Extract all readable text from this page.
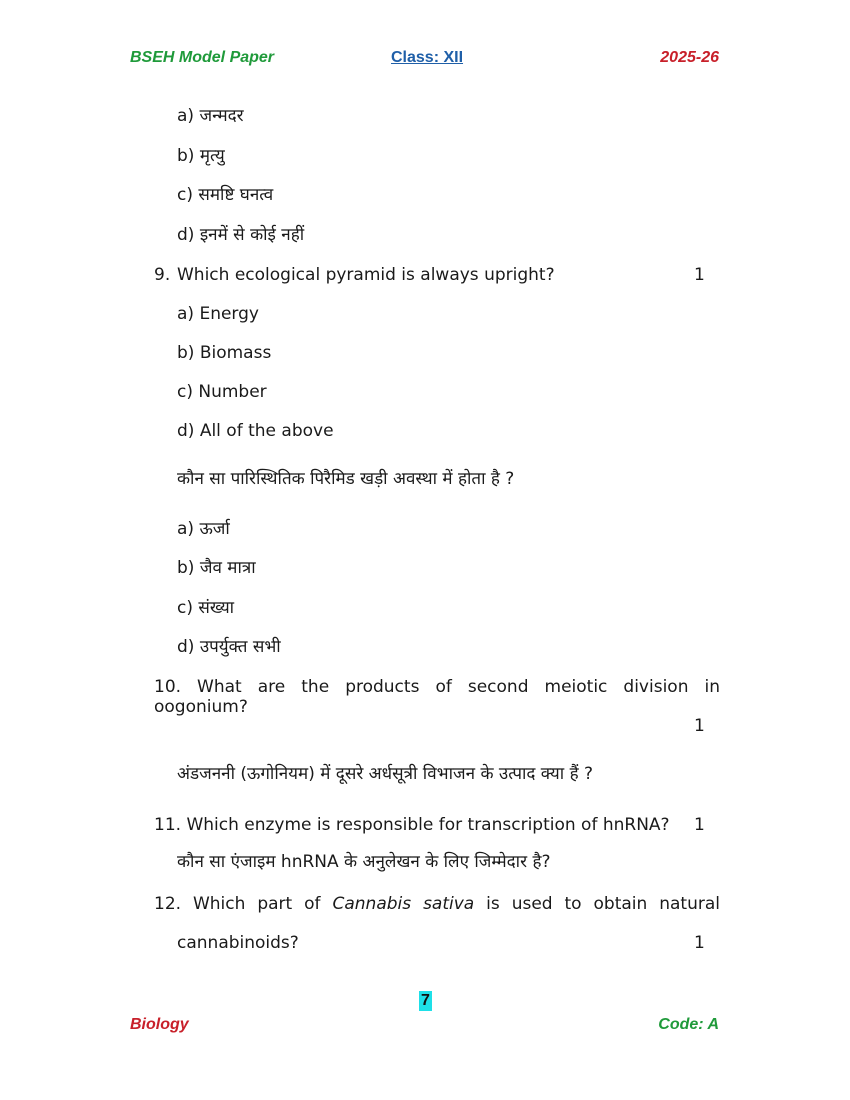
BSEH Model Paper	Class: XII	2025-26
a) जन्मदर
b) मृत्यु
c) समष्टि घनत्व
d) इनमें से कोई नहीं
9. Which ecological pyramid is always upright?	1
a) Energy
b) Biomass
c) Number
d) All of the above
कौन सा पारिस्थितिक पिरैमिड खड़ी अवस्था में होता है ?
a) ऊर्जा
b) जैव मात्रा
c) संख्या
d) उपर्युक्त सभी
10. What are the products of second meiotic division in oogonium?
1
अंडजननी (ऊगोनियम) में दूसरे अर्धसूत्री विभाजन के उत्पाद क्या हैं ?
11. Which enzyme is responsible for transcription of hnRNA? 1
कौन सा एंजाइम hnRNA के अनुलेखन के लिए जिम्मेदार है?
12. Which part of Cannabis sativa is used to obtain natural
cannabinoids?	1
7
Biology	Code: A
